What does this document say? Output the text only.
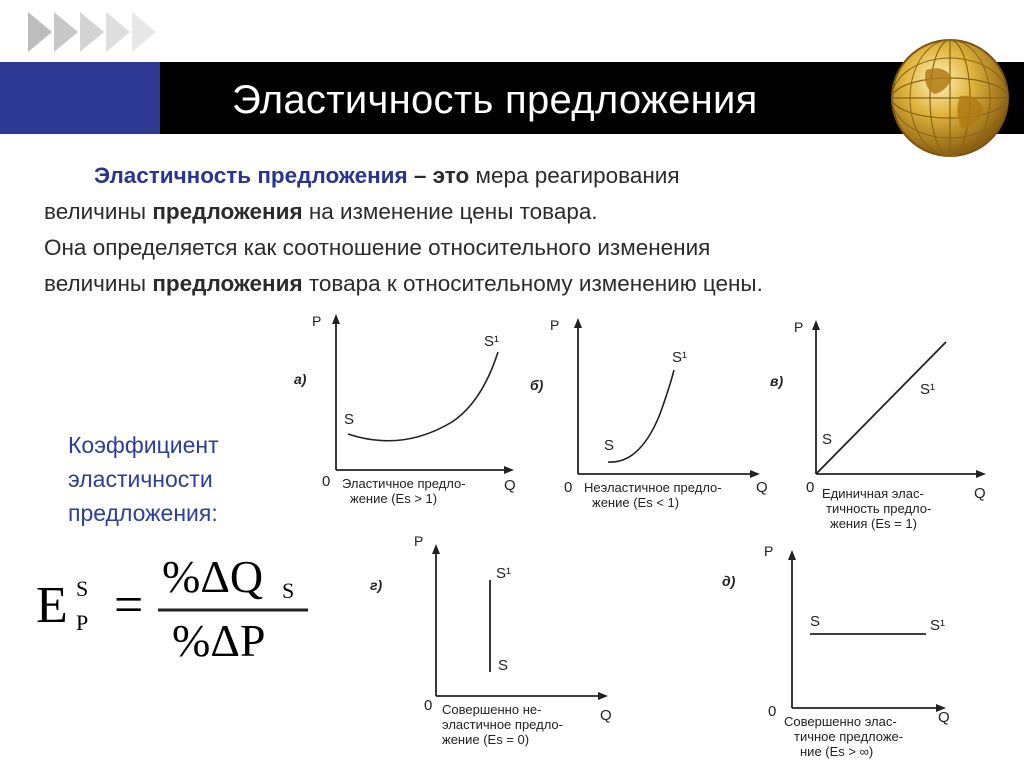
Эластичность предложения
Эластичность предложения – это мера реагирования
величины предложения на изменение цены товара.
Она определяется как соотношение относительного изменения
величины предложения товара к относительному изменению цены.
Коэффициент
эластичности
предложения:
E S
P =
%ΔQ S
%ΔP
P
0	Q
S
S¹
а)
Эластичное предло-
жение (Es > 1)
P
0	Q
S
S¹
б)
Неэластичное предло-
жение (Es < 1)
P
0	Q
S
S¹
в)
Единичная элас-
тичность предло-
жения (Es = 1)
P
0
Q
S
S¹
г)
Совершенно не-
эластичное предло-
жение (Es = 0)
P
0	Q
S	S¹
д)
Совершенно элас-
тичное предложе-
ние (Es > ∞)
